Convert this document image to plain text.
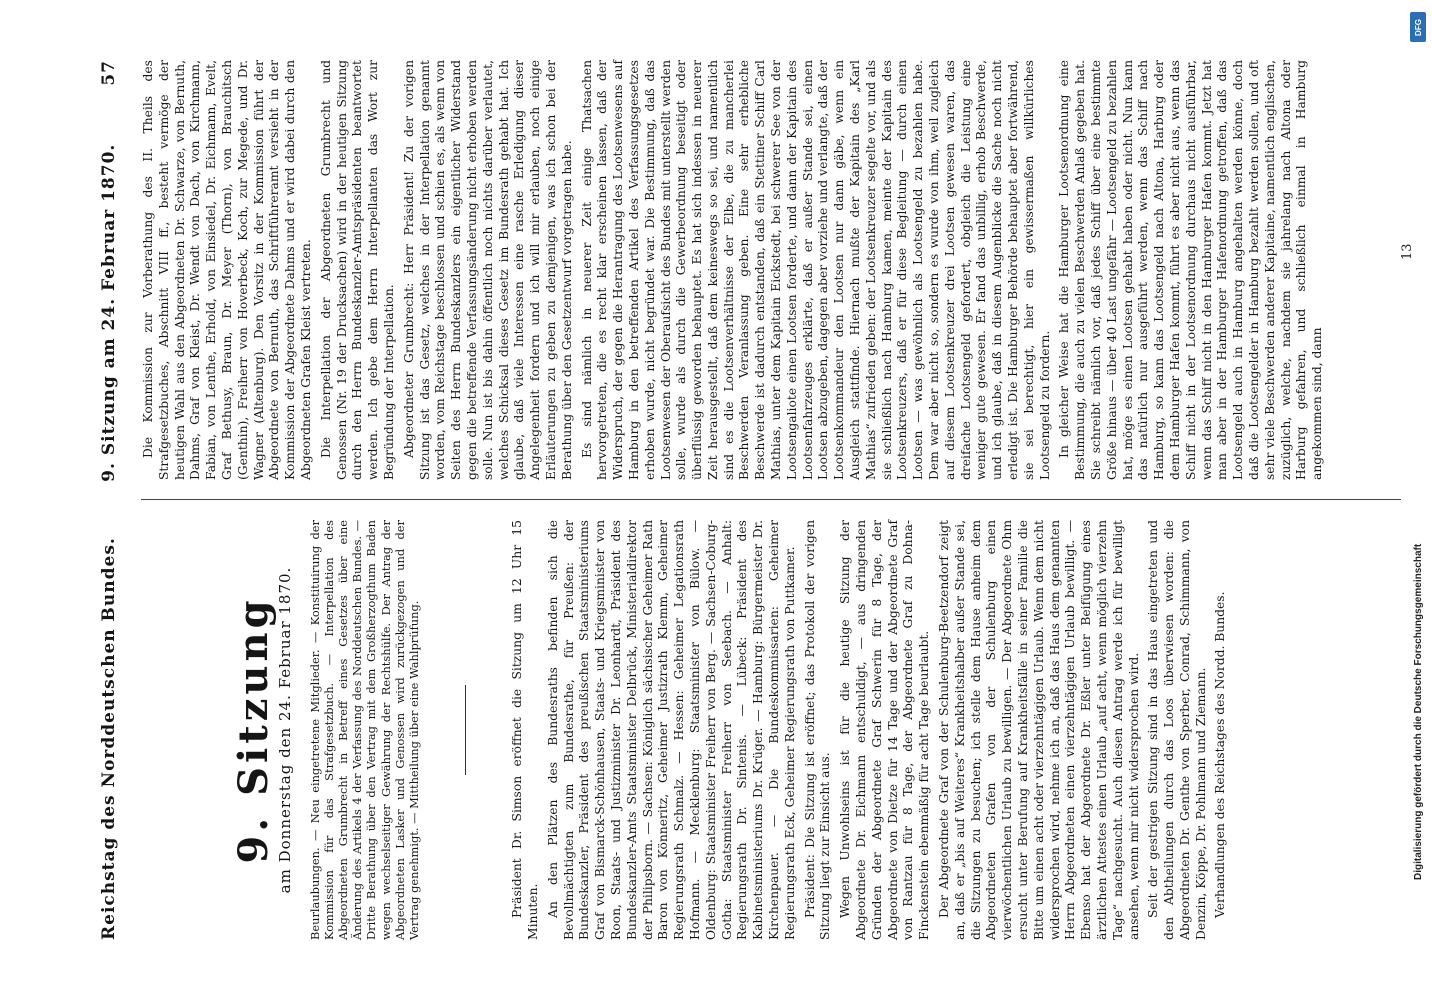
Reichstag des Norddeutschen Bundes.
9. Sitzung am 24. Februar 1870.
57
9. Sitzung
am Donnerstag den 24. Februar 1870. Beurlaubungen. — Neu eingetretene Mitglieder. — Konstituirung der Kommission für das Strafgesetzbuch. — Interpellation des Abgeordneten Grumbrecht in Betreff eines Gesetzes über eine Änderung des Artikels 4 der Verfassung des Norddeutschen Bundes. — Dritte Berathung über den Vertrag mit dem Großherzogthum Baden wegen wechselseitiger Gewährung der Rechtshülfe. Der Antrag der Abgeordneten Lasker und Genossen wird zurückgezogen und der Vertrag genehmigt. — Mittheilung über eine Wahlprüfung.	Präsident Dr. Simson eröffnet die Sitzung um 12 Uhr 15 Minuten. An den Plätzen des Bundesraths befinden sich die Bevollmächtigten zum Bundesrathe, für Preußen: der Bundeskanzler, Präsident des preußischen Staatsministeriums Graf von Bismarck-Schönhausen, Staats- und Kriegsminister von Roon, Staats- und Justizminister Dr. Leonhardt, Präsident des Bundeskanzler-Amts Staatsminister Delbrück, Ministerialdirektor der Philipsborn. — Sachsen: Königlich sächsischer Geheimer Rath Baron von Könneritz, Geheimer Justizrath Klemm, Geheimer Regierungsrath Schmalz. — Hessen: Geheimer Legationsrath Hofmann. — Mecklenburg: Staatsminister von Bülow. — Oldenburg: Staatsminister Freiherr von Berg. — Sachsen-Coburg-Gotha: Staatsminister Freiherr von Seebach. — Anhalt: Regierungsrath Dr. Sintenis. — Lübeck: Präsident des Kabinetsministeriums Dr. Krüger. — Hamburg: Bürgermeister Dr. Kirchenpauer. — Die Bundeskommissarien: Geheimer Regierungsrath Eck, Geheimer Regierungsrath von Puttkamer. Präsident: Die Sitzung ist eröffnet; das Protokoll der vorigen Sitzung liegt zur Einsicht aus. Wegen Unwohlseins ist für die heutige Sitzung der Abgeordnete Dr. Eichmann entschuldigt, — aus dringenden Gründen der Abgeordnete Graf Schwerin für 8 Tage, der Abgeordnete von Dietze für 14 Tage und der Abgeordnete Graf von Rantzau für 8 Tage, der Abgeordnete Graf zu Dohna-Finckenstein ebenmäßig für acht Tage beurlaubt. Der Abgeordnete Graf von der Schulenburg-Beetzendorf zeigt an, daß er „bis auf Weiteres“ Krankheitshalber außer Stande sei, die Sitzungen zu besuchen; ich stelle dem Hause anheim dem Abgeordneten Grafen von der Schulenburg einen vierwöchentlichen Urlaub zu bewilligen. — Der Abgeordnete Ohm ersucht unter Berufung auf Krankheitsfälle in seiner Familie die Bitte um einen acht oder vierzehntägigen Urlaub. Wenn dem nicht widersprochen wird, nehme ich an, daß das Haus dem genannten Herrn Abgeordneten einen vierzehntägigen Urlaub bewilligt. — Ebenso hat der Abgeordnete Dr. Eßler unter Beifügung eines ärztlichen Attestes einen Urlaub „auf acht, wenn möglich vierzehn Tage“ nachgesucht. Auch diesen Antrag werde ich für bewilligt ansehen, wenn mir nicht widersprochen wird. Seit der gestrigen Sitzung sind in das Haus eingetreten und den Abtheilungen durch das Loos überwiesen worden: die Abgeordneten Dr. Genthe von Sperber, Conrad, Schimmann, von Denzin, Köppe, Dr. Pohlmann und Ziemann. Verhandlungen des Reichstages des Nordd. Bundes.

Die Kommission zur Vorberathung des II. Theils des Strafgesetzbuches, Abschnitt VIII ff., besteht vermöge der heutigen Wahl aus den Abgeordneten Dr. Schwarze, von Bernuth, Dahms, Graf von Kleist, Dr. Wendt von Dach, von Kirchmann, Fabian, von Lenthe, Erhold, von Einsiedel, Dr. Eichmann, Evelt, Graf Bethusy, Braun, Dr. Meyer (Thorn), von Brauchitsch (Genthin), Freiherr von Hoverbeck, Koch, zur Megede, und Dr. Wagner (Altenburg). Den Vorsitz in der Kommission führt der Abgeordnete von Bernuth, das Schriftführeramt versieht in der Kommission der Abgeordnete Dahms und er wird dabei durch den Abgeordneten Grafen Kleist vertreten. Die Interpellation der Abgeordneten Grumbrecht und Genossen (Nr. 19 der Drucksachen) wird in der heutigen Sitzung durch den Herrn Bundeskanzler-Amtspräsidenten beantwortet werden. Ich gebe dem Herrn Interpellanten das Wort zur Begründung der Interpellation. Abgeordneter Grumbrecht: Herr Präsident! Zu der vorigen Sitzung ist das Gesetz, welches in der Interpellation genannt worden, vom Reichstage beschlossen und schien es, als wenn von Seiten des Herrn Bundeskanzlers ein eigentlicher Widerstand gegen die betreffende Verfassungsänderung nicht erhoben werden solle. Nun ist bis dahin öffentlich noch nichts darüber verlautet, welches Schicksal dieses Gesetz im Bundesrath gehabt hat. Ich glaube, daß viele Interessen eine rasche Erledigung dieser Angelegenheit fordern und ich will mir erlauben, noch einige Erläuterungen zu geben zu demjenigen, was ich schon bei der Berathung über den Gesetzentwurf vorgetragen habe. Es sind nämlich in neuerer Zeit einige Thatsachen hervorgetreten, die es recht klar erscheinen lassen, daß der Widerspruch, der gegen die Herantragung des Lootsenwesens auf Hamburg in den betreffenden Artikel des Verfassungsgesetzes erhoben wurde, nicht begründet war. Die Bestimmung, daß das Lootsenwesen der Oberaufsicht des Bundes mit unterstellt werden solle, wurde als durch die Gewerbeordnung beseitigt oder überflüssig geworden behauptet. Es hat sich indessen in neuerer Zeit herausgestellt, daß dem keineswegs so sei, und namentlich sind es die Lootsenverhältnisse der Elbe, die zu mancherlei Beschwerden Veranlassung geben. Eine sehr erhebliche Beschwerde ist dadurch entstanden, daß ein Stettiner Schiff Carl Mathias, unter dem Kapitain Eickstedt, bei schwerer See von der Lootsengaliote einen Lootsen forderte, und dann der Kapitain des Lootsenfahrzeuges erklärte, daß er außer Stande sei, einen Lootsen abzugeben, dagegen aber vorziehe und verlangte, daß der Lootsenkommandeur den Lootsen nur dann gäbe, wenn ein Ausgleich stattfinde. Hiernach mußte der Kapitain des „Karl Mathias“ zufrieden geben: der Lootsenkreuzer segelte vor, und als sie schließlich nach Hamburg kamen, meinte der Kapitain des Lootsenkreuzers, daß er für diese Begleitung — durch einen Lootsen — was gewöhnlich als Lootsengeld zu bezahlen habe. Dem war aber nicht so, sondern es wurde von ihm, weil zugleich auf diesem Lootsenkreuzer drei Lootsen gewesen waren, das dreifache Lootsengeld gefordert, obgleich die Leistung eine weniger gute gewesen. Er fand das unbillig, erhob Beschwerde, und ich glaube, daß in diesem Augenblicke die Sache noch nicht erledigt ist. Die Hamburger Behörde behauptet aber fortwährend, sie sei berechtigt, hier ein gewissermaßen willkürliches Lootsengeld zu fordern. In gleicher Weise hat die Hamburger Lootsenordnung eine Bestimmung, die auch zu vielen Beschwerden Anlaß gegeben hat. Sie schreibt nämlich vor, daß jedes Schiff über eine bestimmte Größe hinaus — über 40 Last ungefähr — Lootsengeld zu bezahlen hat, möge es einen Lootsen gehabt haben oder nicht. Nun kann das natürlich nur ausgeführt werden, wenn das Schiff nach Hamburg, so kann das Lootsengeld nach Altona, Harburg oder dem Hamburger Hafen kommt, führt es aber nicht aus, wenn das Schiff nicht in der Lootsenordnung durchaus nicht ausführbar, wenn das Schiff nicht in den Hamburger Hafen kommt. Jetzt hat man aber in der Hamburger Hafenordnung getroffen, daß das Lootsengeld auch in Hamburg angehalten werden könne, doch daß die Lootsengelder in Hamburg bezahlt werden sollen, und oft sehr viele Beschwerden anderer Kapitaine, namentlich englischen, zuzüglich, welche, nachdem sie jahrelang nach Altona oder Harburg gefahren, und schließlich einmal in Hamburg angekommen sind, dann

13
DFG
Digitalisierung gefördert durch die Deutsche Forschungsgemeinschaft
